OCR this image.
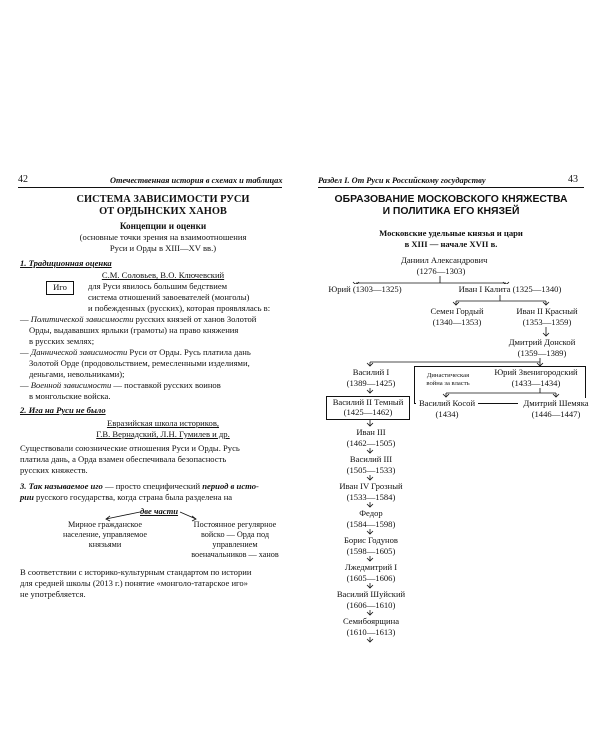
42	Отечественная история в схемах и таблицах
СИСТЕМА ЗАВИСИМОСТИ РУСИ
ОТ ОРДЫНСКИХ ХАНОВ
Концепции и оценки
(основные точки зрения на взаимоотношения
Руси и Орды в XIII—XV вв.)
1. Традиционная оценка
С.М. Соловьев, В.О. Ключевский
Иго	для Руси явилось большим бедствием
система отношений завоевателей (монголы)
и побежденных (русских), которая проявлялась в:
— Политической зависимости русских князей от ханов Золотой
Орды, выдававших ярлыки (грамоты) на право княжения
в русских землях;
— Даннической зависимости Руси от Орды. Русь платила дань
Золотой Орде (продовольствием, ремесленными изделиями,
деньгами, невольниками);
— Военной зависимости — поставкой русских воинов
в монгольские войска.
2. Ига на Руси не было
Евразийская школа историков,
Г.В. Вернадский, Л.Н. Гумилев и др.
Существовали союзнические отношения Руси и Орды. Русь
платила дань, а Орда взамен обеспечивала безопасность
русских княжеств.
3. Так называемое иго — просто специфический период в исто-
рии русского государства, когда страна была разделена на
две части
Мирное гражданское
население, управляемое
князьями
Постоянное регулярное
войско — Орда под
управлением
военачальников — ханов
В соответствии с историко-культурным стандартом по истории
для средней школы (2013 г.) понятие «монголо-татарское иго»
не употребляется.
Раздел I. От Руси к Российскому государству	43
ОБРАЗОВАНИЕ МОСКОВСКОГО КНЯЖЕСТВА
И ПОЛИТИКА ЕГО КНЯЗЕЙ
Московские удельные князья и цари
в XIII — начале XVII в.
Василий II Темный
(1425—1462)
Династическая
война за власть
Даниил Александрович
(1276—1303)
Юрий (1303—1325)	Иван I Калита (1325—1340)
Семен Гордый
(1340—1353)
Иван II Красный
(1353—1359)
Дмитрий Донской
(1359—1389)
Василий I
(1389—1425)
Юрий Звенигородский
(1433—1434)
Василий Косой
(1434)
Дмитрий Шемяка
(1446—1447)
Иван III
(1462—1505)
Василий III
(1505—1533)
Иван IV Грозный
(1533—1584)
Федор
(1584—1598)
Борис Годунов
(1598—1605)
Лжедмитрий I
(1605—1606)
Василий Шуйский
(1606—1610)
Семибоярщина
(1610—1613)
